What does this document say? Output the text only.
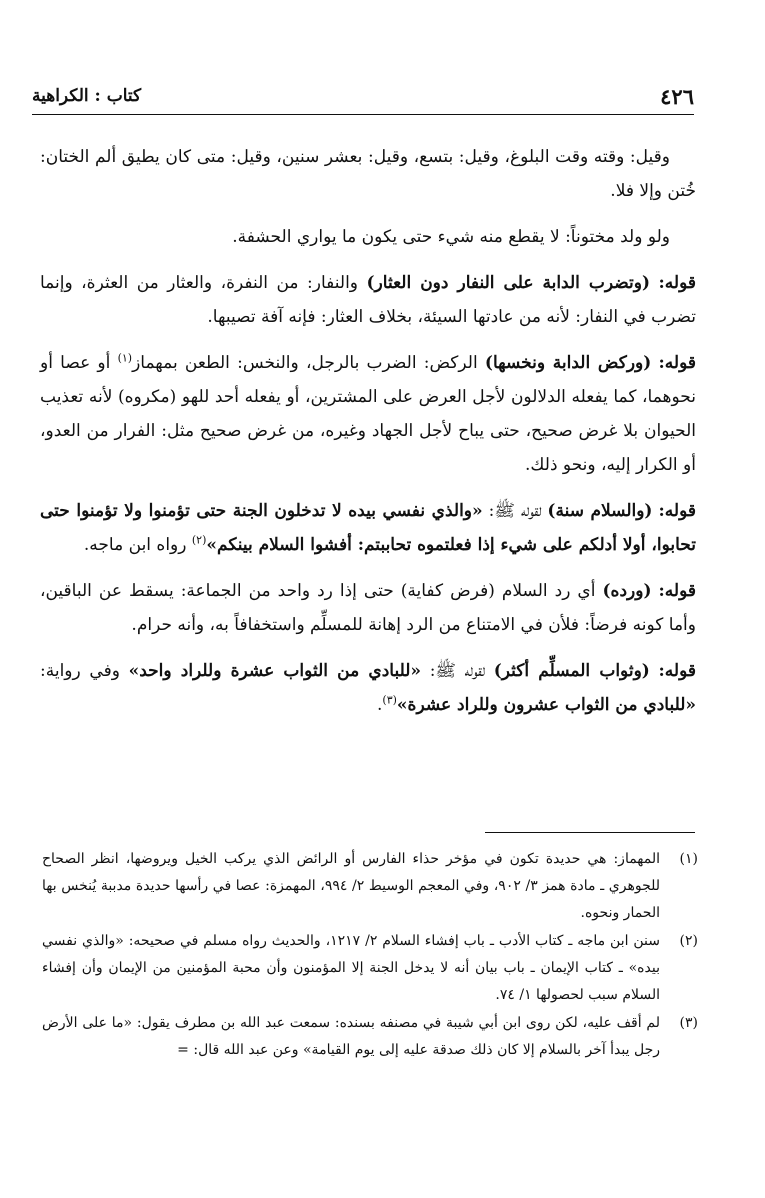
٤٢٦
كتاب : الكراهية

وقيل: وقته وقت البلوغ، وقيل: بتسع، وقيل: بعشر سنين، وقيل: متى كان يطيق ألم الختان: خُتن وإلا فلا.

ولو ولد مختوناً: لا يقطع منه شيء حتى يكون ما يواري الحشفة.

قوله: (وتضرب الدابة على النفار دون العثار) والنفار: من النفرة، والعثار من العثرة، وإنما تضرب في النفار: لأنه من عادتها السيئة، بخلاف العثار: فإنه آفة تصيبها.

قوله: (وركض الدابة ونخسها) الركض: الضرب بالرجل، والنخس: الطعن بمهماز$^{(١)}$ أو عصا أو نحوهما، كما يفعله الدلالون لأجل العرض على المشترين، أو يفعله أحد للهو (مكروه) لأنه تعذيب الحيوان بلا غرض صحيح، حتى يباح لأجل الجهاد وغيره، من غرض صحيح مثل: الفرار من العدو، أو الكرار إليه، ونحو ذلك.

قوله: (والسلام سنة) لقوله ﷺ: «والذي نفسي بيده لا تدخلون الجنة حتى تؤمنوا ولا تؤمنوا حتى تحابوا، أولا أدلكم على شيء إذا فعلتموه تحاببتم: أفشوا السلام بينكم»$^{(٢)}$ رواه ابن ماجه.

قوله: (ورده) أي رد السلام (فرض كفاية) حتى إذا رد واحد من الجماعة: يسقط عن الباقين، وأما كونه فرضاً: فلأن في الامتناع من الرد إهانة للمسلِّم واستخفافاً به، وأنه حرام.

قوله: (وثواب المسلِّم أكثر) لقوله ﷺ: «للبادي من الثواب عشرة وللراد واحد» وفي رواية: «للبادي من الثواب عشرون وللراد عشرة»$^{(٣)}$.

(١)
المهماز: هي حديدة تكون في مؤخر حذاء الفارس أو الرائض الذي يركب الخيل ويروضها، انظر الصحاح للجوهري ـ مادة همز ٣/ ٩٠٢، وفي المعجم الوسيط ٢/ ٩٩٤، المهمزة: عصا في رأسها حديدة مدببة يُنخس بها الحمار ونحوه.
(٢)
سنن ابن ماجه ـ كتاب الأدب ـ باب إفشاء السلام ٢/ ١٢١٧، والحديث رواه مسلم في صحيحه: «والذي نفسي بيده» ـ كتاب الإيمان ـ باب بيان أنه لا يدخل الجنة إلا المؤمنون وأن محبة المؤمنين من الإيمان وأن إفشاء السلام سبب لحصولها ١/ ٧٤.
(٣)
لم أقف عليه، لكن روى ابن أبي شيبة في مصنفه بسنده: سمعت عبد الله بن مطرف يقول: «ما على الأرض رجل يبدأ آخر بالسلام إلا كان ذلك صدقة عليه إلى يوم القيامة» وعن عبد الله قال: =
